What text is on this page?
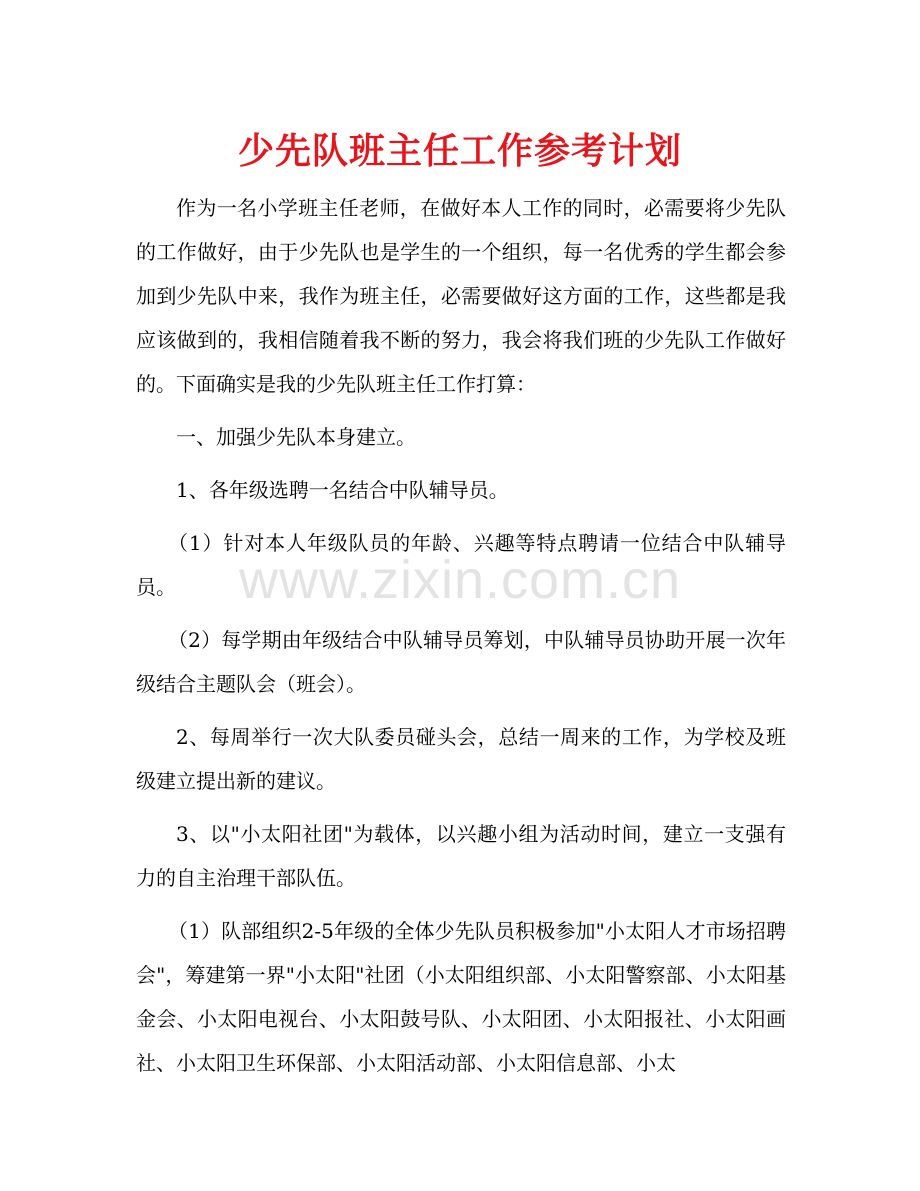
少先队班主任工作参考计划

作为一名小学班主任老师，在做好本人工作的同时，必需要将少先队的工作做好，由于少先队也是学生的一个组织，每一名优秀的学生都会参加到少先队中来，我作为班主任，必需要做好这方面的工作，这些都是我应该做到的，我相信随着我不断的努力，我会将我们班的少先队工作做好的。下面确实是我的少先队班主任工作打算：

一、加强少先队本身建立。

1、各年级选聘一名结合中队辅导员。

（1）针对本人年级队员的年龄、兴趣等特点聘请一位结合中队辅导员。

（2）每学期由年级结合中队辅导员筹划，中队辅导员协助开展一次年级结合主题队会（班会）。

2、每周举行一次大队委员碰头会，总结一周来的工作，为学校及班级建立提出新的建议。

3、以"小太阳社团"为载体，以兴趣小组为活动时间，建立一支强有力的自主治理干部队伍。

（1）队部组织2-5年级的全体少先队员积极参加"小太阳人才市场招聘会"，筹建第一界"小太阳"社团（小太阳组织部、小太阳警察部、小太阳基金会、小太阳电视台、小太阳鼓号队、小太阳团、小太阳报社、小太阳画社、小太阳卫生环保部、小太阳活动部、小太阳信息部、小太

www.zixin.com.cn
